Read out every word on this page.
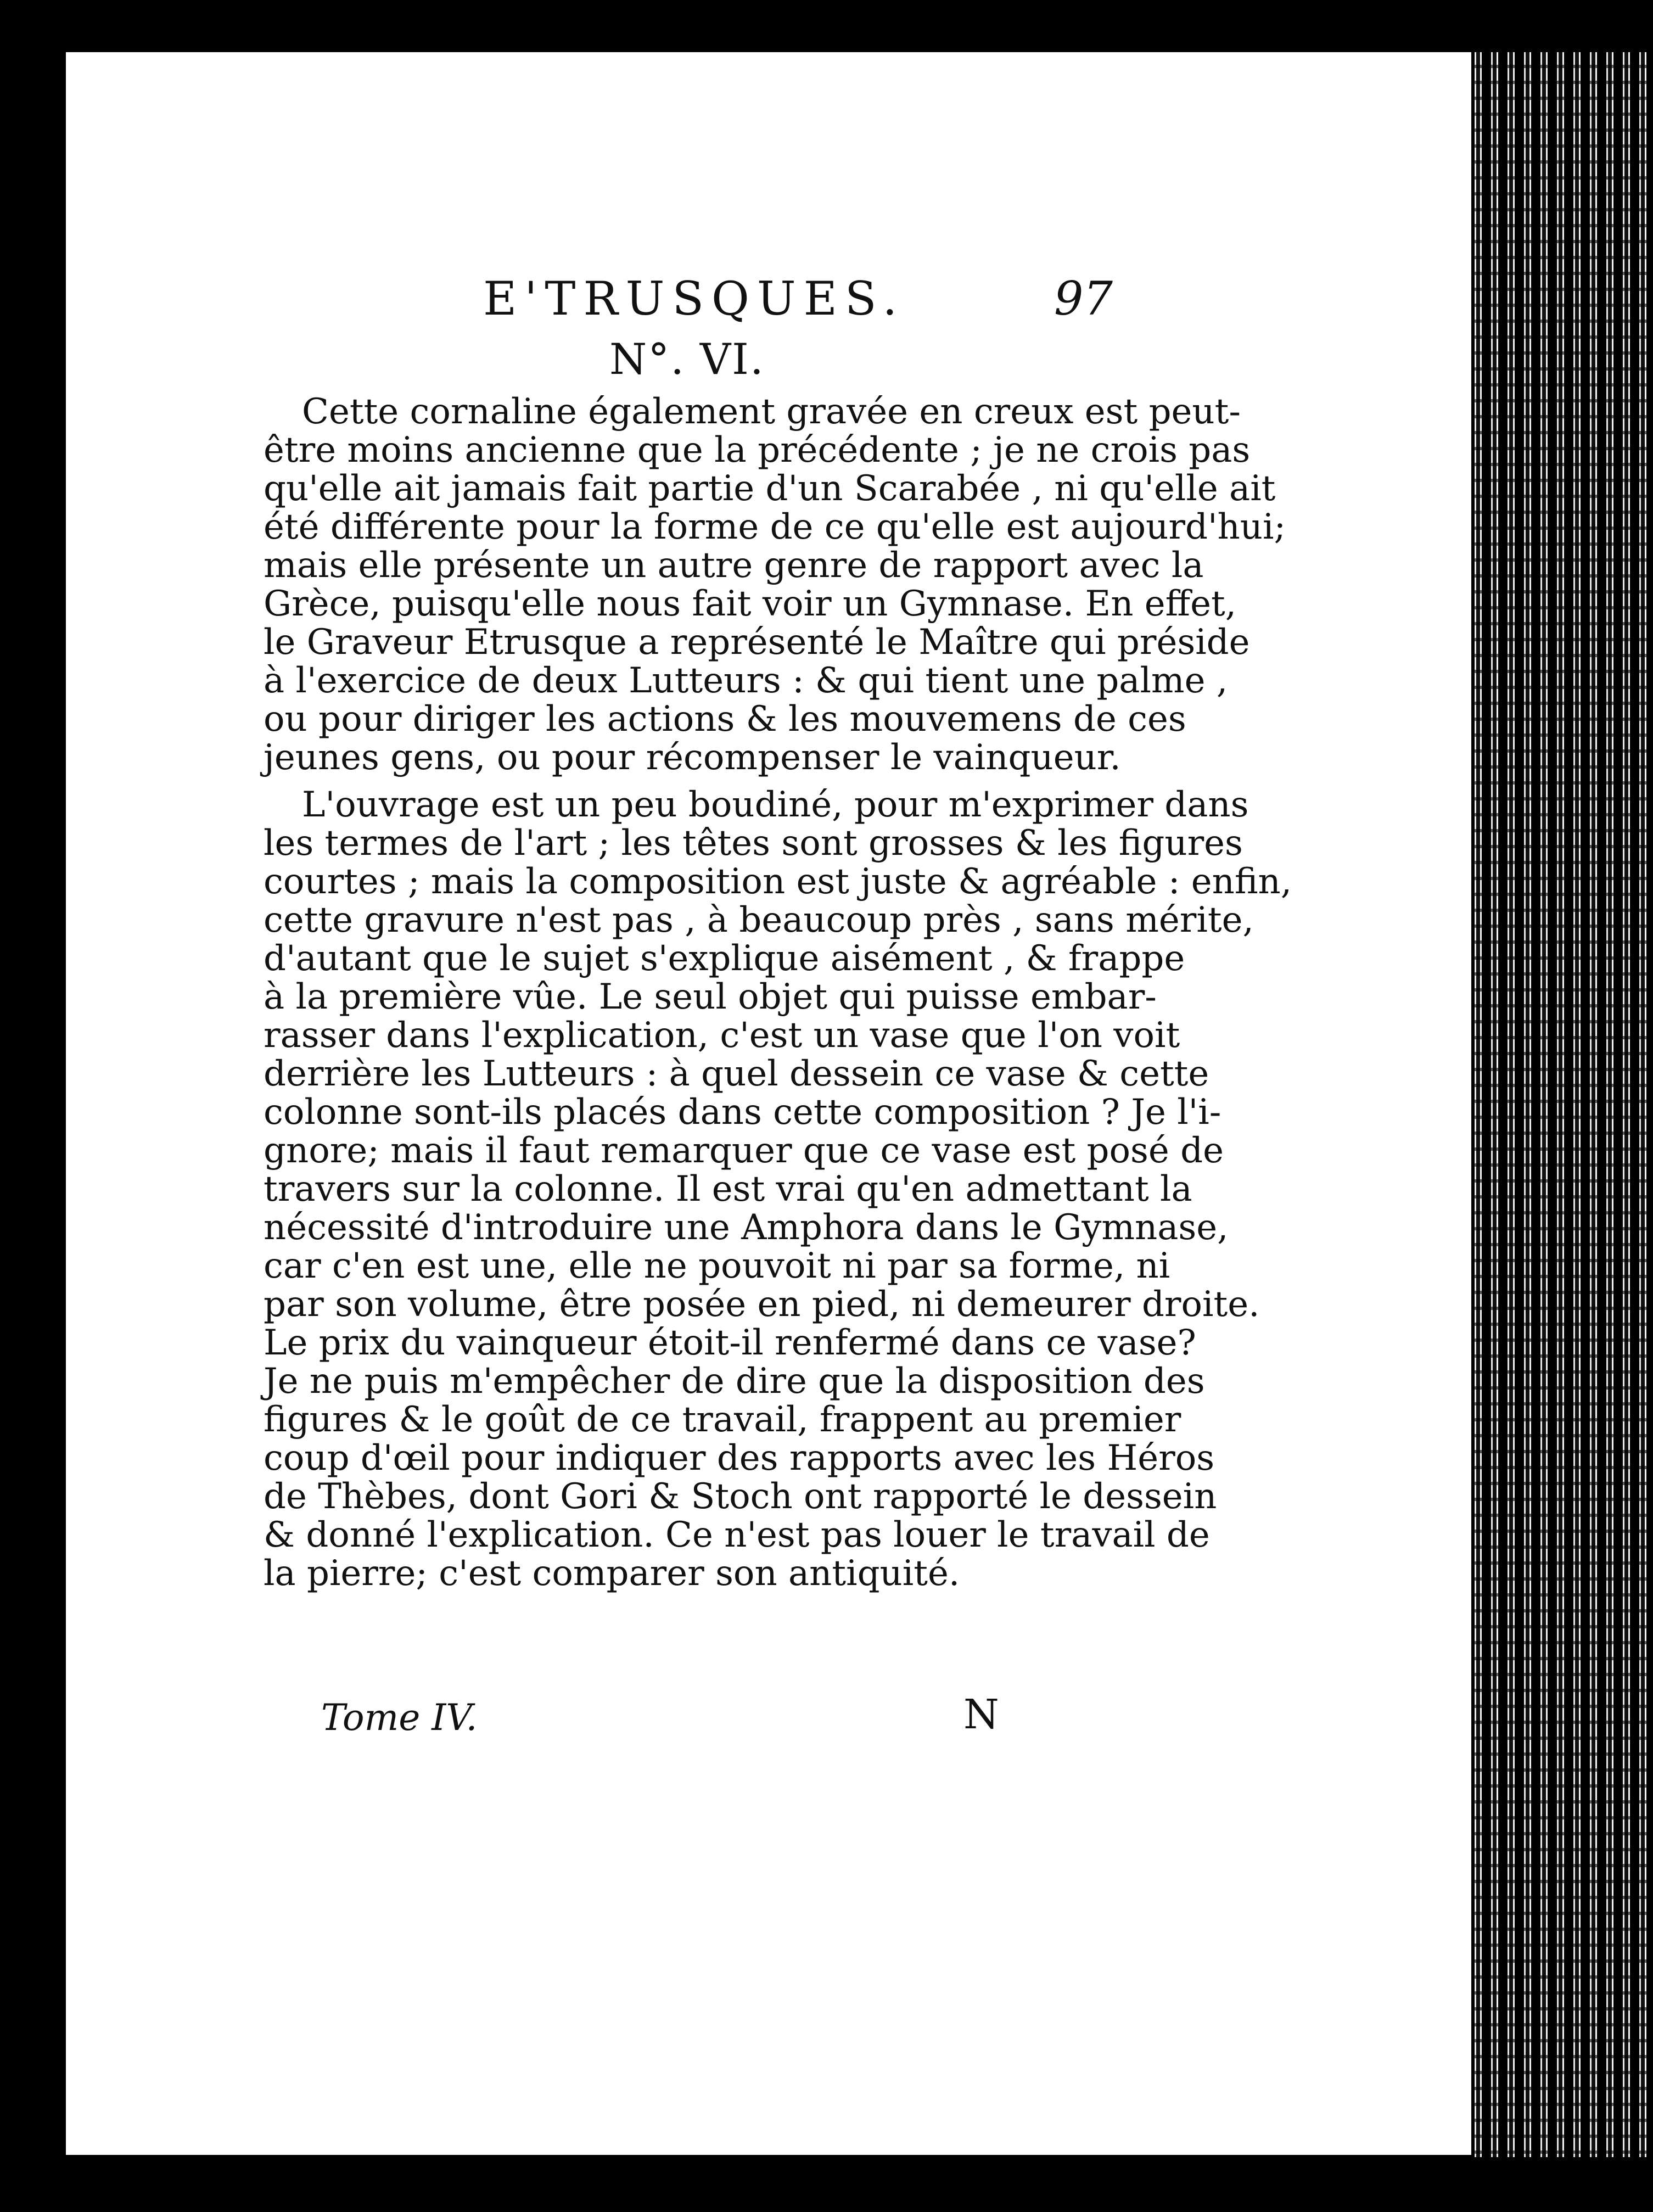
E'TRUSQUES.	97
N°. VI.
Cette cornaline également gravée en creux est peut-
être moins ancienne que la précédente ; je ne crois pas
qu'elle ait jamais fait partie d'un Scarabée , ni qu'elle ait
été différente pour la forme de ce qu'elle est aujourd'hui;
mais elle présente un autre genre de rapport avec la
Grèce, puisqu'elle nous fait voir un Gymnase. En effet,
le Graveur Etrusque a représenté le Maître qui préside
à l'exercice de deux Lutteurs : & qui tient une palme ,
ou pour diriger les actions & les mouvemens de ces
jeunes gens, ou pour récompenser le vainqueur.
L'ouvrage est un peu boudiné, pour m'exprimer dans
les termes de l'art ; les têtes sont grosses & les figures
courtes ; mais la composition est juste & agréable : enfin,
cette gravure n'est pas , à beaucoup près , sans mérite,
d'autant que le sujet s'explique aisément , & frappe
à la première vûe. Le seul objet qui puisse embar-
rasser dans l'explication, c'est un vase que l'on voit
derrière les Lutteurs : à quel dessein ce vase & cette
colonne sont-ils placés dans cette composition ? Je l'i-
gnore; mais il faut remarquer que ce vase est posé de
travers sur la colonne. Il est vrai qu'en admettant la
nécessité d'introduire une Amphora dans le Gymnase,
car c'en est une, elle ne pouvoit ni par sa forme, ni
par son volume, être posée en pied, ni demeurer droite.
Le prix du vainqueur étoit-il renfermé dans ce vase?
Je ne puis m'empêcher de dire que la disposition des
figures & le goût de ce travail, frappent au premier
coup d'œil pour indiquer des rapports avec les Héros
de Thèbes, dont Gori & Stoch ont rapporté le dessein
& donné l'explication. Ce n'est pas louer le travail de
la pierre; c'est comparer son antiquité.
Tome IV.	N
